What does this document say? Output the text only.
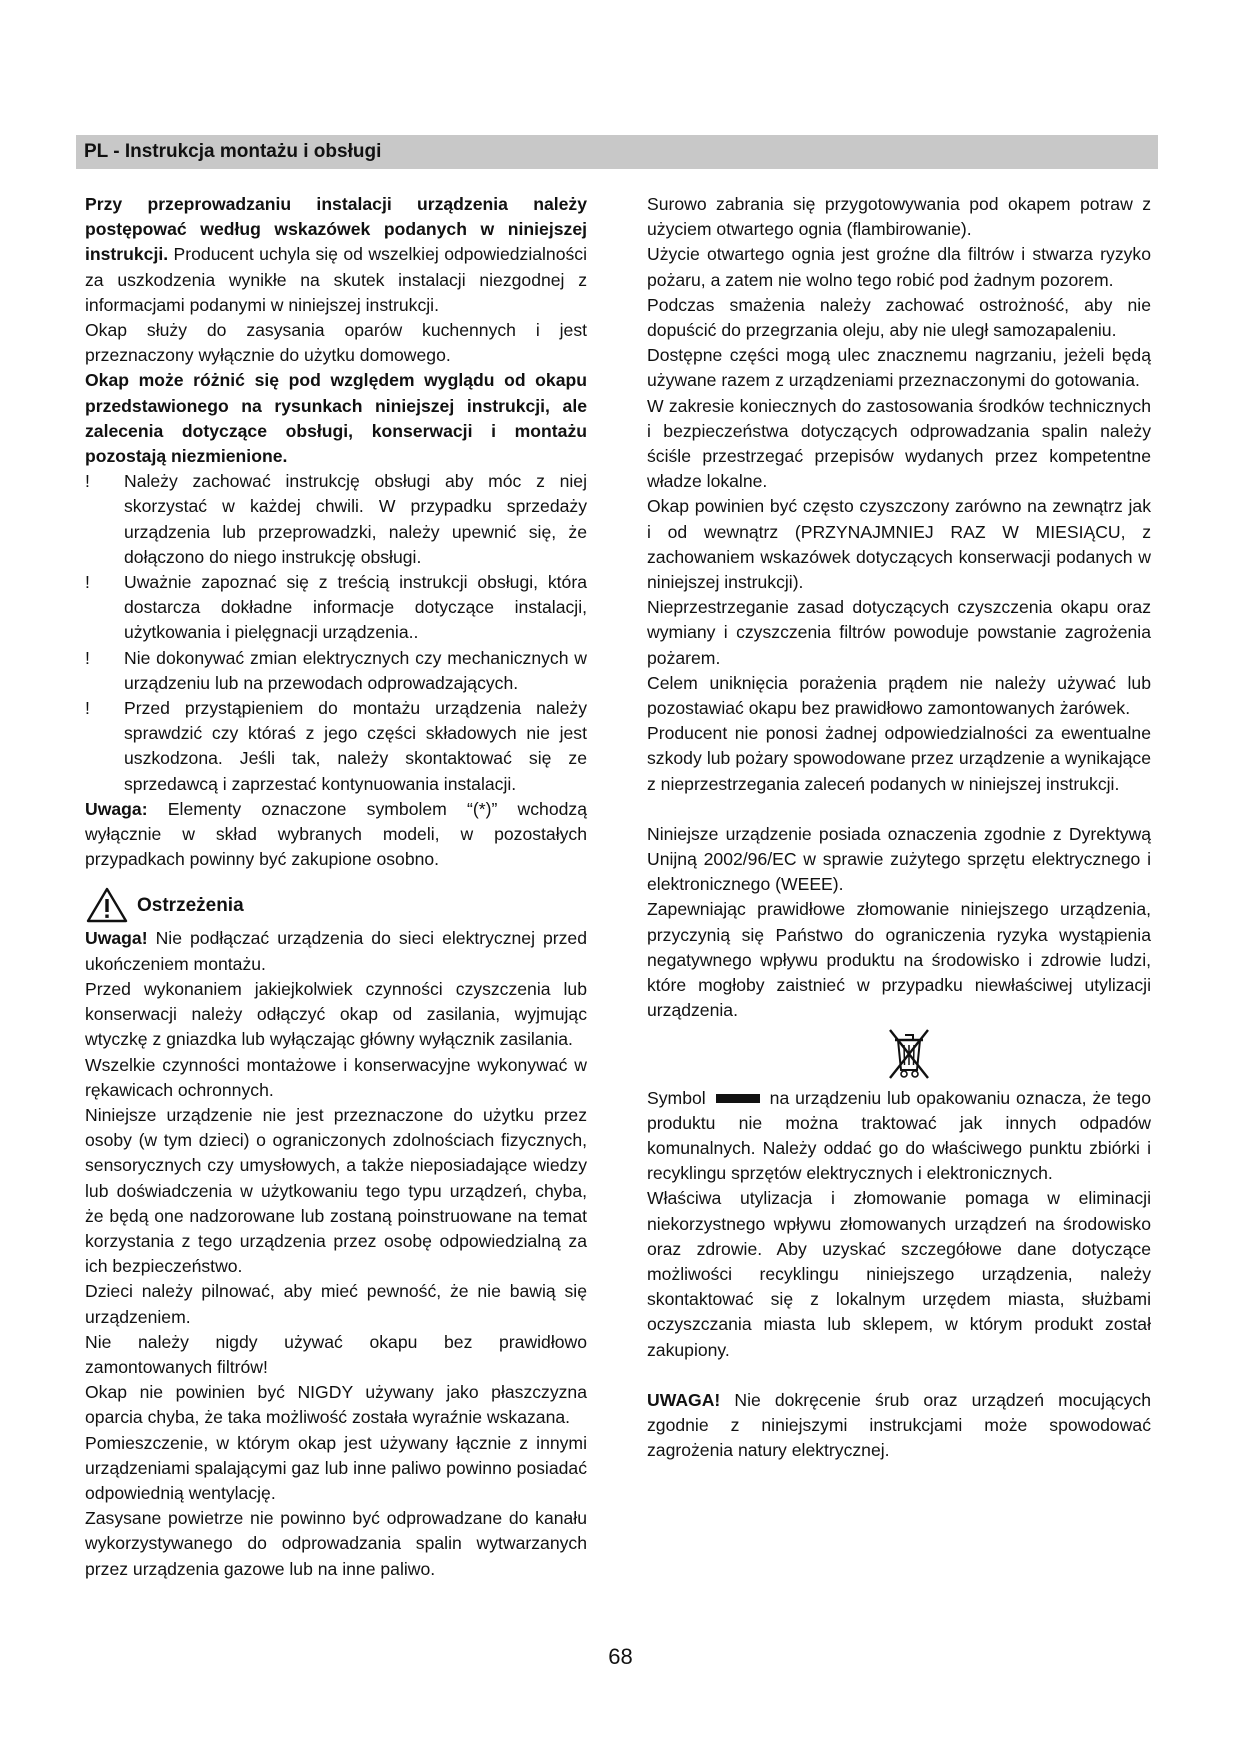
PL - Instrukcja montażu i obsługi

Przy przeprowadzaniu instalacji urządzenia należy postępować według wskazówek podanych w niniejszej instrukcji. Producent uchyla się od wszelkiej odpowiedzialności za uszkodzenia wynikłe na skutek instalacji niezgodnej z informacjami podanymi w niniejszej instrukcji.

Okap służy do zasysania oparów kuchennych i jest przeznaczony wyłącznie do użytku domowego.

Okap może różnić się pod względem wyglądu od okapu przedstawionego na rysunkach niniejszej instrukcji, ale zalecenia dotyczące obsługi, konserwacji i montażu pozostają niezmienione.

!	Należy zachować instrukcję obsługi aby móc z niej skorzystać w każdej chwili. W przypadku sprzedaży urządzenia lub przeprowadzki, należy upewnić się, że dołączono do niego instrukcję obsługi.

!	Uważnie zapoznać się z treścią instrukcji obsługi, która dostarcza dokładne informacje dotyczące instalacji, użytkowania i pielęgnacji urządzenia..

!	Nie dokonywać zmian elektrycznych czy mechanicznych w urządzeniu lub na przewodach odprowadzających.

!	Przed przystąpieniem do montażu urządzenia należy sprawdzić czy któraś z jego części składowych nie jest uszkodzona. Jeśli tak, należy skontaktować się ze sprzedawcą i zaprzestać kontynuowania instalacji.

Uwaga: Elementy oznaczone symbolem “(*)” wchodzą wyłącznie w skład wybranych modeli, w pozostałych przypadkach powinny być zakupione osobno.

Ostrzeżenia

Uwaga! Nie podłączać urządzenia do sieci elektrycznej przed ukończeniem montażu.

Przed wykonaniem jakiejkolwiek czynności czyszczenia lub konserwacji należy odłączyć okap od zasilania, wyjmując wtyczkę z gniazdka lub wyłączając główny wyłącznik zasilania.

Wszelkie czynności montażowe i konserwacyjne wykonywać w rękawicach ochronnych.

Niniejsze urządzenie nie jest przeznaczone do użytku przez osoby (w tym dzieci) o ograniczonych zdolnościach fizycznych, sensorycznych czy umysłowych, a także nieposiadające wiedzy lub doświadczenia w użytkowaniu tego typu urządzeń, chyba, że będą one nadzorowane lub zostaną poinstruowane na temat korzystania z tego urządzenia przez osobę odpowiedzialną za ich bezpieczeństwo.

Dzieci należy pilnować, aby mieć pewność, że nie bawią się urządzeniem.

Nie należy nigdy używać okapu bez prawidłowo zamontowanych filtrów!

Okap nie powinien być NIGDY używany jako płaszczyzna oparcia chyba, że taka możliwość została wyraźnie wskazana.

Pomieszczenie, w którym okap jest używany łącznie z innymi urządzeniami spalającymi gaz lub inne paliwo powinno posiadać odpowiednią wentylację.

Zasysane powietrze nie powinno być odprowadzane do kanału wykorzystywanego do odprowadzania spalin wytwarzanych przez urządzenia gazowe lub na inne paliwo.

Surowo zabrania się przygotowywania pod okapem potraw z użyciem otwartego ognia (flambirowanie).

Użycie otwartego ognia jest groźne dla filtrów i stwarza ryzyko pożaru, a zatem nie wolno tego robić pod żadnym pozorem.

Podczas smażenia należy zachować ostrożność, aby nie dopuścić do przegrzania oleju, aby nie uległ samozapaleniu.

Dostępne części mogą ulec znacznemu nagrzaniu, jeżeli będą używane razem z urządzeniami przeznaczonymi do gotowania.

W zakresie koniecznych do zastosowania środków technicznych i bezpieczeństwa dotyczących odprowadzania spalin należy ściśle przestrzegać przepisów wydanych przez kompetentne władze lokalne.

Okap powinien być często czyszczony zarówno na zewnątrz jak i od wewnątrz (PRZYNAJMNIEJ RAZ W MIESIĄCU, z zachowaniem wskazówek dotyczących konserwacji podanych w niniejszej instrukcji).

Nieprzestrzeganie zasad dotyczących czyszczenia okapu oraz wymiany i czyszczenia filtrów powoduje powstanie zagrożenia pożarem.

Celem uniknięcia porażenia prądem nie należy używać lub pozostawiać okapu bez prawidłowo zamontowanych żarówek.

Producent nie ponosi żadnej odpowiedzialności za ewentualne szkody lub pożary spowodowane przez urządzenie a wynikające z nieprzestrzegania zaleceń podanych w niniejszej instrukcji.

Niniejsze urządzenie posiada oznaczenia zgodnie z Dyrektywą Unijną 2002/96/EC w sprawie zużytego sprzętu elektrycznego i elektronicznego (WEEE).

Zapewniając prawidłowe złomowanie niniejszego urządzenia, przyczynią się Państwo do ograniczenia ryzyka wystąpienia negatywnego wpływu produktu na środowisko i zdrowie ludzi, które mogłoby zaistnieć w przypadku niewłaściwej utylizacji urządzenia.

Symbol	na urządzeniu lub opakowaniu oznacza, że tego produktu nie można traktować jak innych odpadów komunalnych. Należy oddać go do właściwego punktu zbiórki i recyklingu sprzętów elektrycznych i elektronicznych.

Właściwa utylizacja i złomowanie pomaga w eliminacji niekorzystnego wpływu złomowanych urządzeń na środowisko oraz zdrowie. Aby uzyskać szczegółowe dane dotyczące możliwości recyklingu niniejszego urządzenia, należy skontaktować się z lokalnym urzędem miasta, służbami oczyszczania miasta lub sklepem, w którym produkt został zakupiony.

UWAGA! Nie dokręcenie śrub oraz urządzeń mocujących zgodnie z niniejszymi instrukcjami może spowodować zagrożenia natury elektrycznej.

68
